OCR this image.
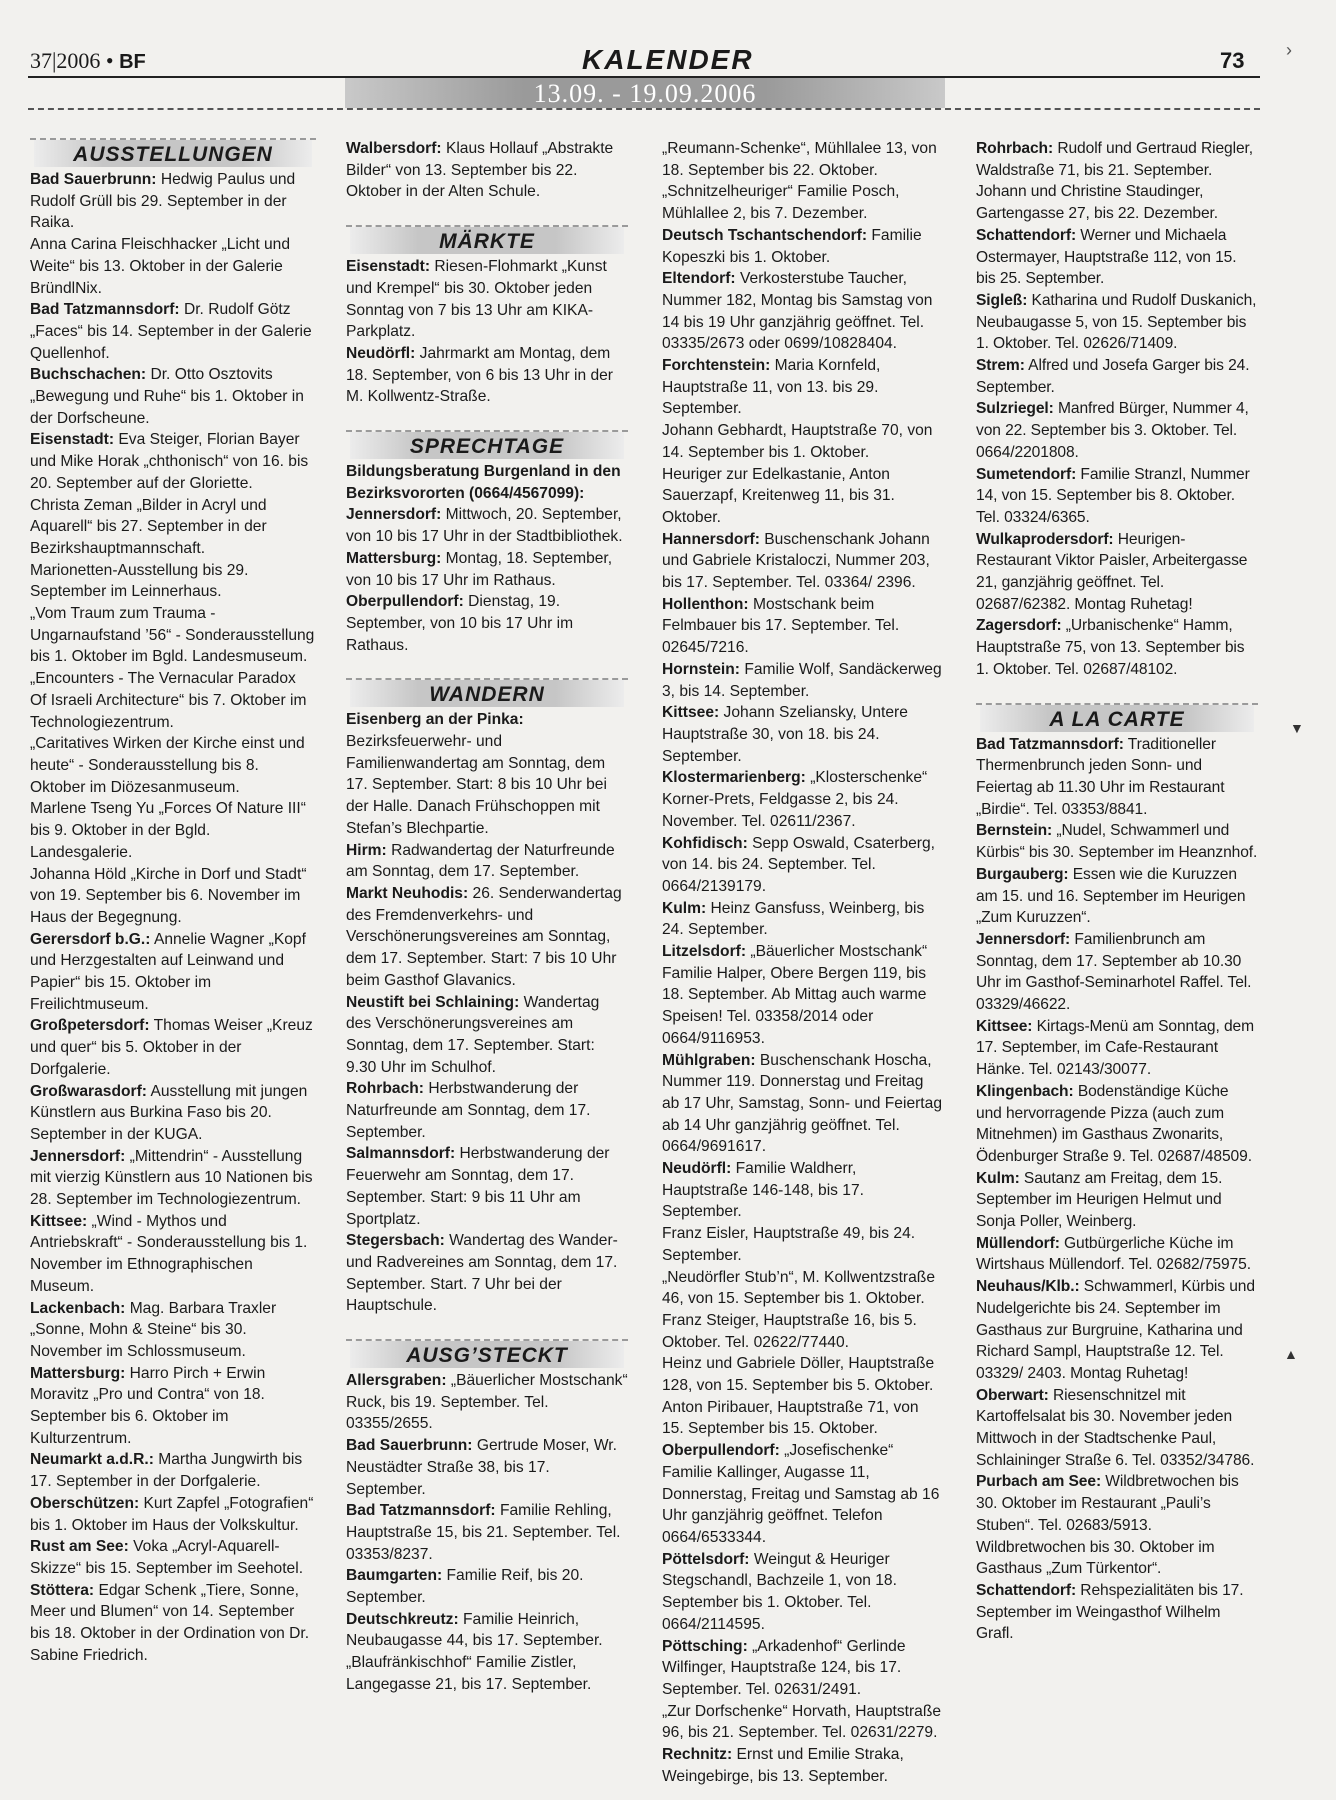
37|2006 • BF	KALENDER	73 ›
13.09. - 19.09.2006
AUSSTELLUNGEN

Bad Sauerbrunn: Hedwig Paulus und Rudolf Grüll bis 29. September in der Raika.

Anna Carina Fleischhacker „Licht und Weite“ bis 13. Oktober in der Galerie BründlNix.

Bad Tatzmannsdorf: Dr. Rudolf Götz „Faces“ bis 14. September in der Galerie Quellenhof.

Buchschachen: Dr. Otto Osztovits „Bewegung und Ruhe“ bis 1. Oktober in der Dorfscheune.

Eisenstadt: Eva Steiger, Florian Bayer und Mike Horak „chthonisch“ von 16. bis 20. September auf der Gloriette.

Christa Zeman „Bilder in Acryl und Aquarell“ bis 27. September in der Bezirkshauptmannschaft.

Marionetten-Ausstellung bis 29. September im Leinnerhaus.

„Vom Traum zum Trauma - Ungarnaufstand ’56“ - Sonderausstellung bis 1. Oktober im Bgld. Landesmuseum.

„Encounters - The Vernacular Paradox Of Israeli Architecture“ bis 7. Oktober im Technologiezentrum.

„Caritatives Wirken der Kirche einst und heute“ - Sonderausstellung bis 8. Oktober im Diözesanmuseum.

Marlene Tseng Yu „Forces Of Nature III“ bis 9. Oktober in der Bgld. Landesgalerie.

Johanna Höld „Kirche in Dorf und Stadt“ von 19. September bis 6. November im Haus der Begegnung.

Gerersdorf b.G.: Annelie Wagner „Kopf und Herzgestalten auf Leinwand und Papier“ bis 15. Oktober im Freilichtmuseum.

Großpetersdorf: Thomas Weiser „Kreuz und quer“ bis 5. Oktober in der Dorfgalerie.

Großwarasdorf: Ausstellung mit jungen Künstlern aus Burkina Faso bis 20. September in der KUGA.

Jennersdorf: „Mittendrin“ - Ausstellung mit vierzig Künstlern aus 10 Nationen bis 28. September im Technologiezentrum.

Kittsee: „Wind - Mythos und Antriebskraft“ - Sonderausstellung bis 1. November im Ethnographischen Museum.

Lackenbach: Mag. Barbara Traxler „Sonne, Mohn & Steine“ bis 30. November im Schlossmuseum.

Mattersburg: Harro Pirch + Erwin Moravitz „Pro und Contra“ von 18. September bis 6. Oktober im Kulturzentrum.

Neumarkt a.d.R.: Martha Jungwirth bis 17. September in der Dorfgalerie.

Oberschützen: Kurt Zapfel „Fotografien“ bis 1. Oktober im Haus der Volkskultur.

Rust am See: Voka „Acryl-Aquarell-Skizze“ bis 15. September im Seehotel.

Stöttera: Edgar Schenk „Tiere, Sonne, Meer und Blumen“ von 14. September bis 18. Oktober in der Ordination von Dr. Sabine Friedrich.

Walbersdorf: Klaus Hollauf „Abstrakte Bilder“ von 13. September bis 22. Oktober in der Alten Schule.

MÄRKTE

Eisenstadt: Riesen-Flohmarkt „Kunst und Krempel“ bis 30. Oktober jeden Sonntag von 7 bis 13 Uhr am KIKA-Parkplatz.

Neudörfl: Jahrmarkt am Montag, dem 18. September, von 6 bis 13 Uhr in der M. Kollwentz-Straße.

SPRECHTAGE

Bildungsberatung Burgenland in den Bezirksvororten (0664/4567099):

Jennersdorf: Mittwoch, 20. September, von 10 bis 17 Uhr in der Stadtbibliothek.

Mattersburg: Montag, 18. September, von 10 bis 17 Uhr im Rathaus.

Oberpullendorf: Dienstag, 19. September, von 10 bis 17 Uhr im Rathaus.

WANDERN

Eisenberg an der Pinka: Bezirksfeuerwehr- und Familienwandertag am Sonntag, dem 17. September. Start: 8 bis 10 Uhr bei der Halle. Danach Frühschoppen mit Stefan’s Blechpartie.

Hirm: Radwandertag der Naturfreunde am Sonntag, dem 17. September.

Markt Neuhodis: 26. Senderwandertag des Fremdenverkehrs- und Verschönerungsvereines am Sonntag, dem 17. September. Start: 7 bis 10 Uhr beim Gasthof Glavanics.

Neustift bei Schlaining: Wandertag des Verschönerungsvereines am Sonntag, dem 17. September. Start: 9.30 Uhr im Schulhof.

Rohrbach: Herbstwanderung der Naturfreunde am Sonntag, dem 17. September.

Salmannsdorf: Herbstwanderung der Feuerwehr am Sonntag, dem 17. September. Start: 9 bis 11 Uhr am Sportplatz.

Stegersbach: Wandertag des Wander- und Radvereines am Sonntag, dem 17. September. Start. 7 Uhr bei der Hauptschule.

AUSG’STECKT

Allersgraben: „Bäuerlicher Mostschank“ Ruck, bis 19. September. Tel. 03355/2655.

Bad Sauerbrunn: Gertrude Moser, Wr. Neustädter Straße 38, bis 17. September.

Bad Tatzmannsdorf: Familie Rehling, Hauptstraße 15, bis 21. September. Tel. 03353/8237.

Baumgarten: Familie Reif, bis 20. September.

Deutschkreutz: Familie Heinrich, Neubaugasse 44, bis 17. September.

„Blaufränkischhof“ Familie Zistler, Langegasse 21, bis 17. September.

„Reumann-Schenke“, Mühllalee 13, von 18. September bis 22. Oktober.

„Schnitzelheuriger“ Familie Posch, Mühlallee 2, bis 7. Dezember.

Deutsch Tschantschendorf: Familie Kopeszki bis 1. Oktober.

Eltendorf: Verkosterstube Taucher, Nummer 182, Montag bis Samstag von 14 bis 19 Uhr ganzjährig geöffnet. Tel. 03335/2673 oder 0699/10828404.

Forchtenstein: Maria Kornfeld, Hauptstraße 11, von 13. bis 29. September.

Johann Gebhardt, Hauptstraße 70, von 14. September bis 1. Oktober.

Heuriger zur Edelkastanie, Anton Sauerzapf, Kreitenweg 11, bis 31. Oktober.

Hannersdorf: Buschenschank Johann und Gabriele Kristaloczi, Nummer 203, bis 17. September. Tel. 03364/ 2396.

Hollenthon: Mostschank beim Felmbauer bis 17. September. Tel. 02645/7216.

Hornstein: Familie Wolf, Sandäckerweg 3, bis 14. September.

Kittsee: Johann Szeliansky, Untere Hauptstraße 30, von 18. bis 24. September.

Klostermarienberg: „Klosterschenke“ Korner-Prets, Feldgasse 2, bis 24. November. Tel. 02611/2367.

Kohfidisch: Sepp Oswald, Csaterberg, von 14. bis 24. September. Tel. 0664/2139179.

Kulm: Heinz Gansfuss, Weinberg, bis 24. September.

Litzelsdorf: „Bäuerlicher Mostschank“ Familie Halper, Obere Bergen 119, bis 18. September. Ab Mittag auch warme Speisen! Tel. 03358/2014 oder 0664/9116953.

Mühlgraben: Buschenschank Hoscha, Nummer 119. Donnerstag und Freitag ab 17 Uhr, Samstag, Sonn- und Feiertag ab 14 Uhr ganzjährig geöffnet. Tel. 0664/9691617.

Neudörfl: Familie Waldherr, Hauptstraße 146-148, bis 17. September.

Franz Eisler, Hauptstraße 49, bis 24. September.

„Neudörfler Stub’n“, M. Kollwentzstraße 46, von 15. September bis 1. Oktober.

Franz Steiger, Hauptstraße 16, bis 5. Oktober. Tel. 02622/77440.

Heinz und Gabriele Döller, Hauptstraße 128, von 15. September bis 5. Oktober.

Anton Piribauer, Hauptstraße 71, von 15. September bis 15. Oktober.

Oberpullendorf: „Josefischenke“ Familie Kallinger, Augasse 11, Donnerstag, Freitag und Samstag ab 16 Uhr ganzjährig geöffnet. Telefon 0664/6533344.

Pöttelsdorf: Weingut & Heuriger Stegschandl, Bachzeile 1, von 18. September bis 1. Oktober. Tel. 0664/2114595.

Pöttsching: „Arkadenhof“ Gerlinde Wilfinger, Hauptstraße 124, bis 17. September. Tel. 02631/2491.

„Zur Dorfschenke“ Horvath, Hauptstraße 96, bis 21. September. Tel. 02631/2279.

Rechnitz: Ernst und Emilie Straka, Weingebirge, bis 13. September.

Rohrbach: Rudolf und Gertraud Riegler, Waldstraße 71, bis 21. September.

Johann und Christine Staudinger, Gartengasse 27, bis 22. Dezember.

Schattendorf: Werner und Michaela Ostermayer, Hauptstraße 112, von 15. bis 25. September.

Sigleß: Katharina und Rudolf Duskanich, Neubaugasse 5, von 15. September bis 1. Oktober. Tel. 02626/71409.

Strem: Alfred und Josefa Garger bis 24. September.

Sulzriegel: Manfred Bürger, Nummer 4, von 22. September bis 3. Oktober. Tel. 0664/2201808.

Sumetendorf: Familie Stranzl, Nummer 14, von 15. September bis 8. Oktober. Tel. 03324/6365.

Wulkaprodersdorf: Heurigen-Restaurant Viktor Paisler, Arbeitergasse 21, ganzjährig geöffnet. Tel. 02687/62382. Montag Ruhetag!

Zagersdorf: „Urbanischenke“ Hamm, Hauptstraße 75, von 13. September bis 1. Oktober. Tel. 02687/48102.

A LA CARTE

Bad Tatzmannsdorf: Traditioneller Thermenbrunch jeden Sonn- und Feiertag ab 11.30 Uhr im Restaurant „Birdie“. Tel. 03353/8841.

Bernstein: „Nudel, Schwammerl und Kürbis“ bis 30. September im Heanznhof.

Burgauberg: Essen wie die Kuruzzen am 15. und 16. September im Heurigen „Zum Kuruzzen“.

Jennersdorf: Familienbrunch am Sonntag, dem 17. September ab 10.30 Uhr im Gasthof-Seminarhotel Raffel. Tel. 03329/46622.

Kittsee: Kirtags-Menü am Sonntag, dem 17. September, im Cafe-Restaurant Hänke. Tel. 02143/30077.

Klingenbach: Bodenständige Küche und hervorragende Pizza (auch zum Mitnehmen) im Gasthaus Zwonarits, Ödenburger Straße 9. Tel. 02687/48509.

Kulm: Sautanz am Freitag, dem 15. September im Heurigen Helmut und Sonja Poller, Weinberg.

Müllendorf: Gutbürgerliche Küche im Wirtshaus Müllendorf. Tel. 02682/75975.

Neuhaus/Klb.: Schwammerl, Kürbis und Nudelgerichte bis 24. September im Gasthaus zur Burgruine, Katharina und Richard Sampl, Hauptstraße 12. Tel. 03329/ 2403. Montag Ruhetag!

Oberwart: Riesenschnitzel mit Kartoffelsalat bis 30. November jeden Mittwoch in der Stadtschenke Paul, Schlaininger Straße 6. Tel. 03352/34786.

Purbach am See: Wildbretwochen bis 30. Oktober im Restaurant „Pauli’s Stuben“. Tel. 02683/5913.

Wildbretwochen bis 30. Oktober im Gasthaus „Zum Türkentor“.

Schattendorf: Rehspezialitäten bis 17. September im Weingasthof Wilhelm Grafl.

▼
▲
